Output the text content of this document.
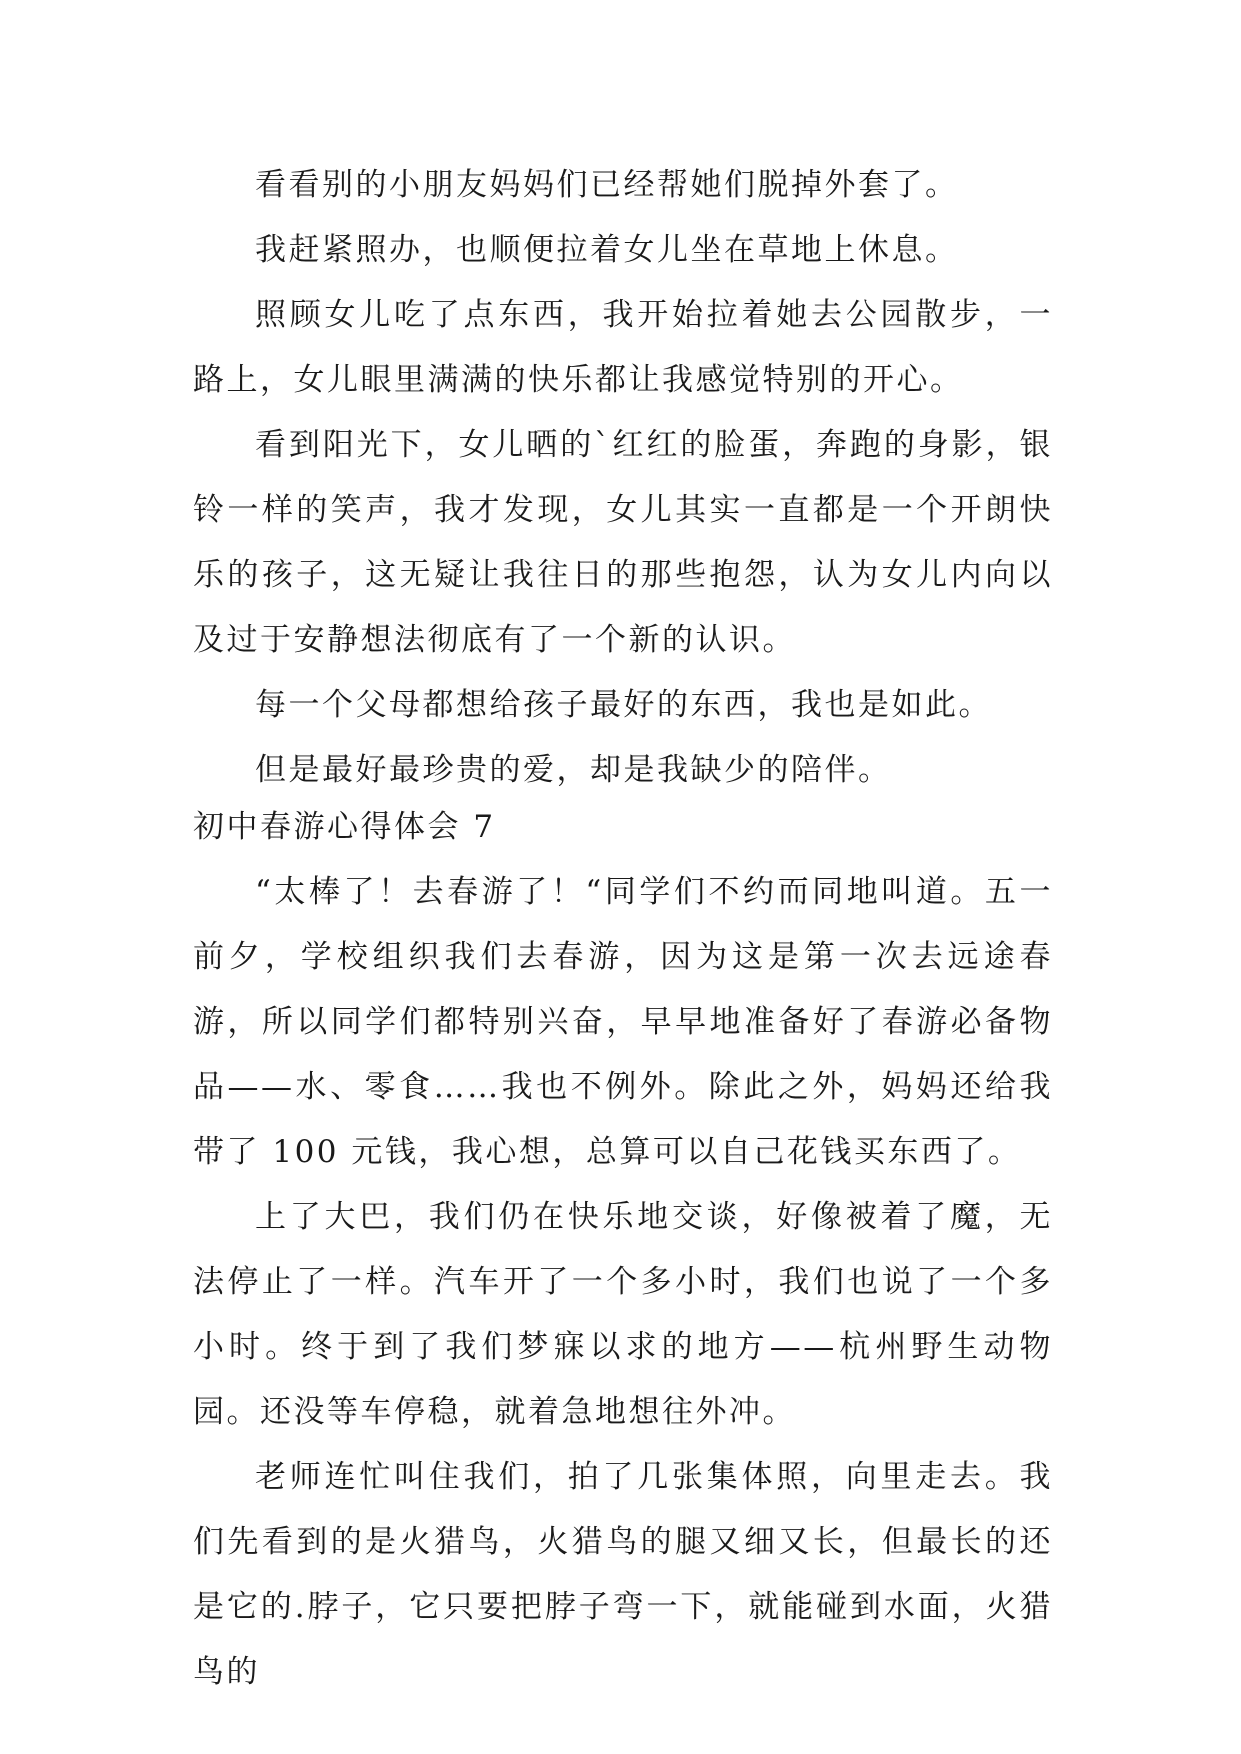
看看别的小朋友妈妈们已经帮她们脱掉外套了。

我赶紧照办，也顺便拉着女儿坐在草地上休息。

照顾女儿吃了点东西，我开始拉着她去公园散步，一路上，女儿眼里满满的快乐都让我感觉特别的开心。

看到阳光下，女儿晒的`红红的脸蛋，奔跑的身影，银铃一样的笑声，我才发现，女儿其实一直都是一个开朗快乐的孩子，这无疑让我往日的那些抱怨，认为女儿内向以及过于安静想法彻底有了一个新的认识。

每一个父母都想给孩子最好的东西，我也是如此。

但是最好最珍贵的爱，却是我缺少的陪伴。

初中春游心得体会 7

“太棒了！去春游了！“同学们不约而同地叫道。五一前夕，学校组织我们去春游，因为这是第一次去远途春游，所以同学们都特别兴奋，早早地准备好了春游必备物品——水、零食……我也不例外。除此之外，妈妈还给我带了 100 元钱，我心想，总算可以自己花钱买东西了。

上了大巴，我们仍在快乐地交谈，好像被着了魔，无法停止了一样。汽车开了一个多小时，我们也说了一个多小时。终于到了我们梦寐以求的地方——杭州野生动物园。还没等车停稳，就着急地想往外冲。

老师连忙叫住我们，拍了几张集体照，向里走去。我们先看到的是火猎鸟，火猎鸟的腿又细又长，但最长的还是它的.脖子，它只要把脖子弯一下，就能碰到水面，火猎鸟的
